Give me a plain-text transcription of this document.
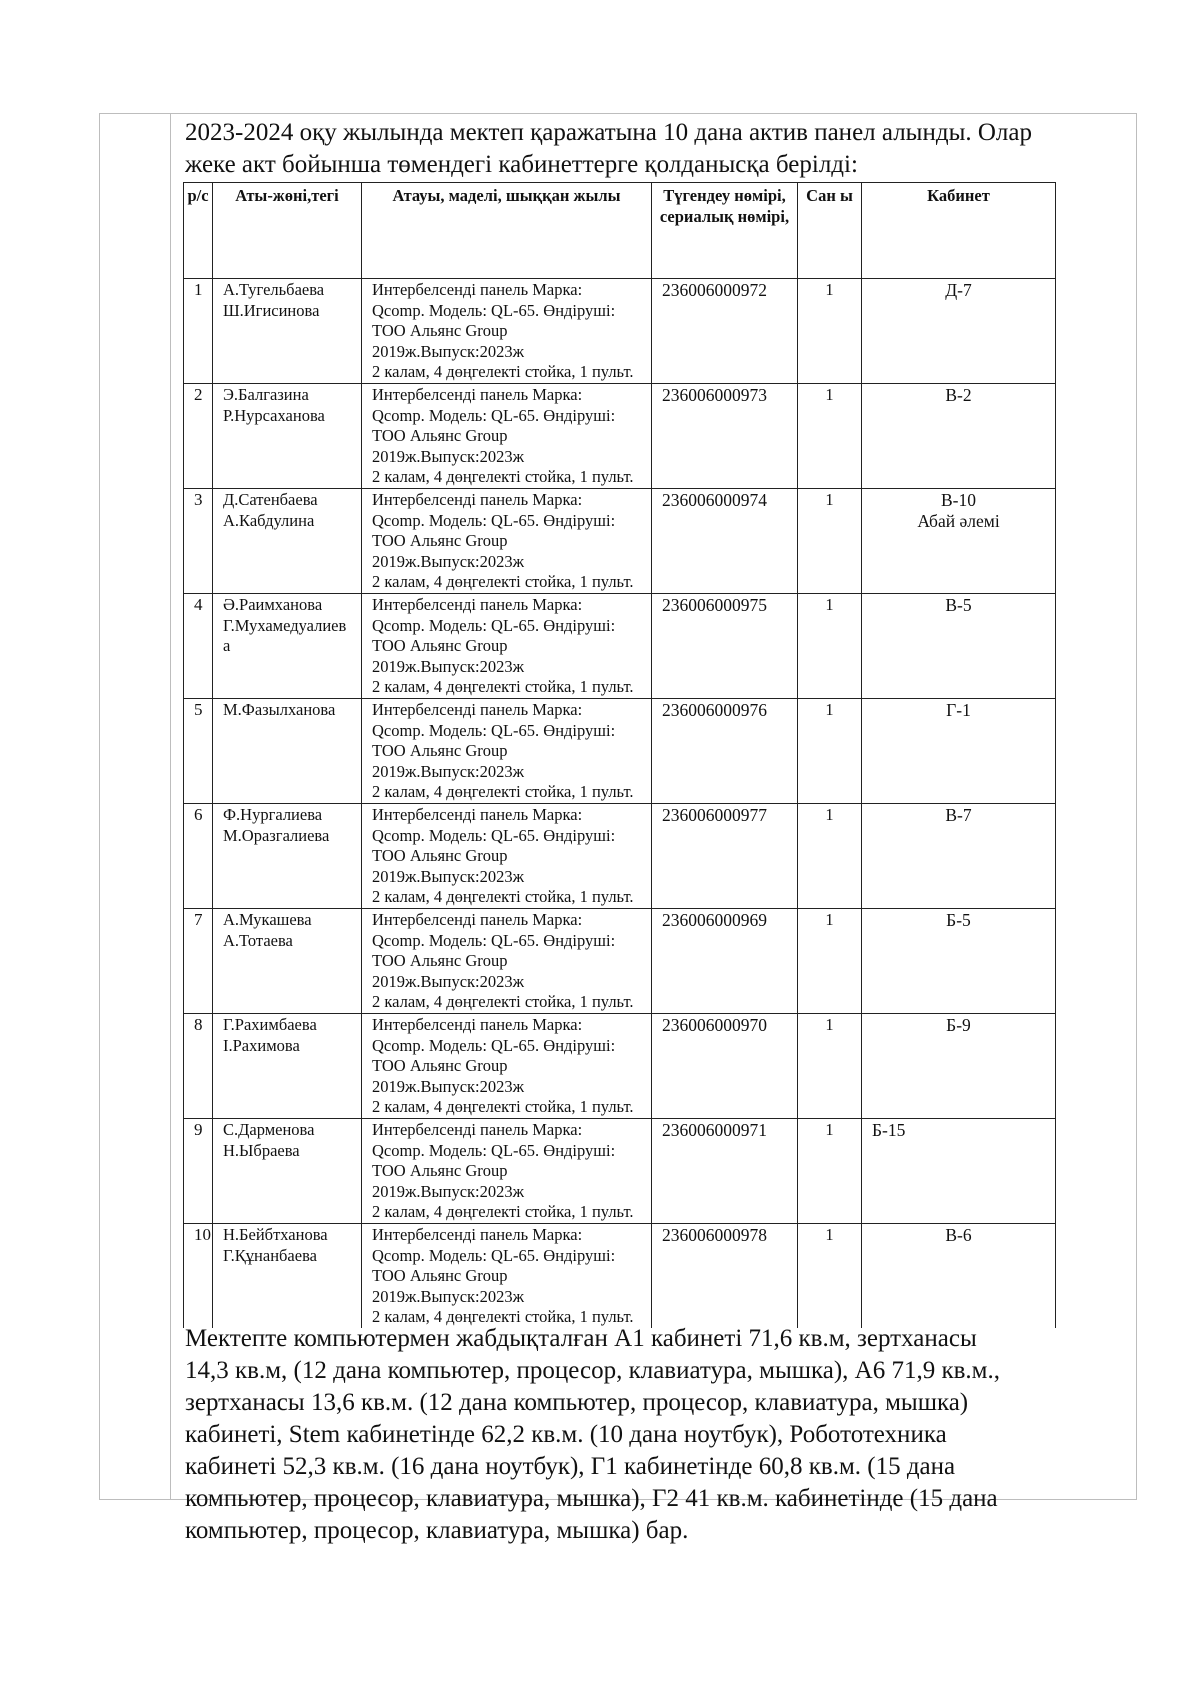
2023-2024 оқу жылында мектеп қаражатына 10 дана актив панел алынды. Олар
жеке акт бойынша төмендегі кабинеттерге қолданысқа берілді:

р/с	Аты-жөні,тегі	Атауы, маделі, шыққан жылы	Түгендеу нөмірі, сериалық нөмірі,	Сан ы	Кабинет
1	А.Тугельбаева
Ш.Игисинова	Интербелсенді панель Марка:
Qcomp. Модель: QL-65. Өндіруші:
ТОО Альянс Group
2019ж.Выпуск:2023ж
2 калам, 4 дөңгелекті стойка, 1 пульт.	236006000972	1	Д-7

2	Э.Балгазина
Р.Нурсаханова	Интербелсенді панель Марка:
Qcomp. Модель: QL-65. Өндіруші:
ТОО Альянс Group
2019ж.Выпуск:2023ж
2 калам, 4 дөңгелекті стойка, 1 пульт.	236006000973	1	В-2

3	Д.Сатенбаева
А.Кабдулина	Интербелсенді панель Марка:
Qcomp. Модель: QL-65. Өндіруші:
ТОО Альянс Group
2019ж.Выпуск:2023ж
2 калам, 4 дөңгелекті стойка, 1 пульт.	236006000974	1	В-10
Абай әлемі

4	Ә.Раимханова
Г.Мухамедуалиев
а	Интербелсенді панель Марка:
Qcomp. Модель: QL-65. Өндіруші:
ТОО Альянс Group
2019ж.Выпуск:2023ж
2 калам, 4 дөңгелекті стойка, 1 пульт.	236006000975	1	В-5

5	М.Фазылханова	Интербелсенді панель Марка:
Qcomp. Модель: QL-65. Өндіруші:
ТОО Альянс Group
2019ж.Выпуск:2023ж
2 калам, 4 дөңгелекті стойка, 1 пульт.	236006000976	1	Г-1

6	Ф.Нургалиева
М.Оразгалиева	Интербелсенді панель Марка:
Qcomp. Модель: QL-65. Өндіруші:
ТОО Альянс Group
2019ж.Выпуск:2023ж
2 калам, 4 дөңгелекті стойка, 1 пульт.	236006000977	1	В-7

7	А.Мукашева
А.Тотаева	Интербелсенді панель Марка:
Qcomp. Модель: QL-65. Өндіруші:
ТОО Альянс Group
2019ж.Выпуск:2023ж
2 калам, 4 дөңгелекті стойка, 1 пульт.	236006000969	1	Б-5

8	Г.Рахимбаева
І.Рахимова	Интербелсенді панель Марка:
Qcomp. Модель: QL-65. Өндіруші:
ТОО Альянс Group
2019ж.Выпуск:2023ж
2 калам, 4 дөңгелекті стойка, 1 пульт.	236006000970	1	Б-9

9	С.Дарменова
Н.Ыбраева	Интербелсенді панель Марка:
Qcomp. Модель: QL-65. Өндіруші:
ТОО Альянс Group
2019ж.Выпуск:2023ж
2 калам, 4 дөңгелекті стойка, 1 пульт.	236006000971	1	Б-15

10	Н.Бейбтханова
Г.Құнанбаева	Интербелсенді панель Марка:
Qcomp. Модель: QL-65. Өндіруші:
ТОО Альянс Group
2019ж.Выпуск:2023ж
2 калам, 4 дөңгелекті стойка, 1 пульт.	236006000978	1	В-6

Мектепте компьютермен жабдықталған А1 кабинеті 71,6 кв.м, зертханасы
14,3 кв.м, (12 дана компьютер, процесор, клавиатура, мышка), А6 71,9 кв.м.,
зертханасы 13,6 кв.м. (12 дана компьютер, процесор, клавиатура, мышка)
кабинеті, Stem кабинетінде 62,2 кв.м. (10 дана ноутбук), Робототехника
кабинеті 52,3 кв.м. (16 дана ноутбук), Г1 кабинетінде 60,8 кв.м. (15 дана
компьютер, процесор, клавиатура, мышка), Г2 41 кв.м. кабинетінде (15 дана
компьютер, процесор, клавиатура, мышка) бар.
